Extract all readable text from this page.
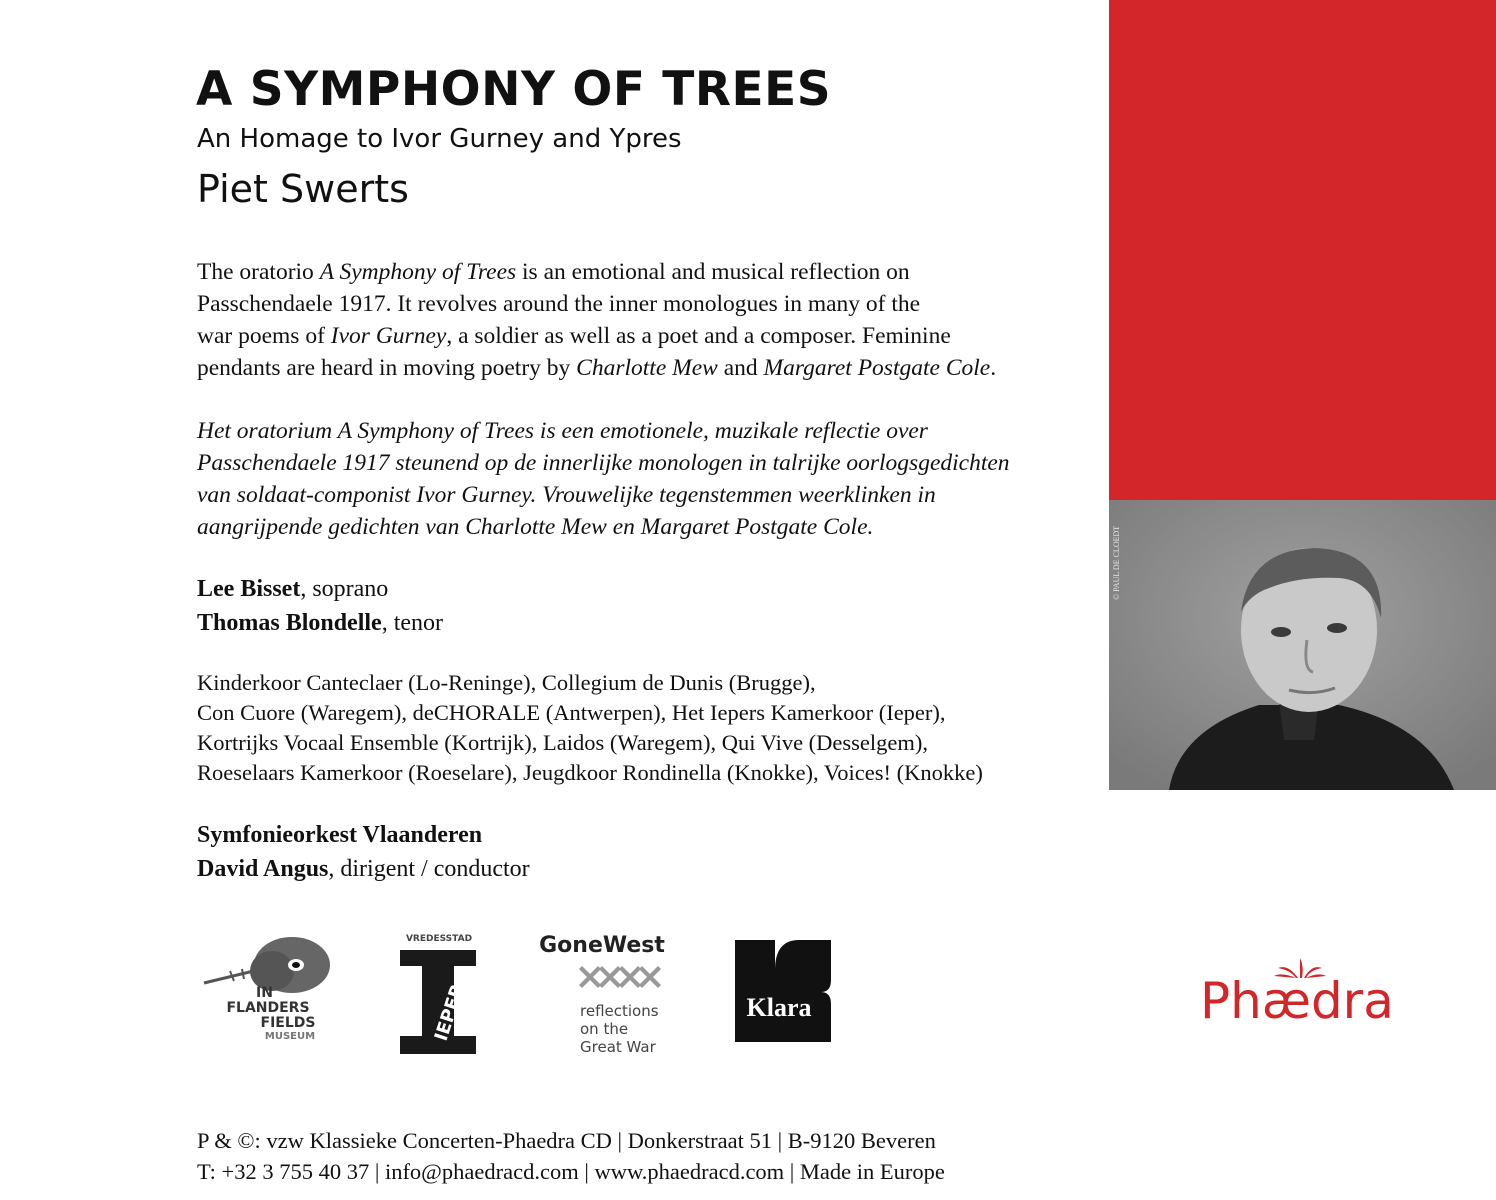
A SYMPHONY OF TREES
An Homage to Ivor Gurney and Ypres
Piet Swerts
The oratorio A Symphony of Trees is an emotional and musical reflection on
Passchendaele 1917. It revolves around the inner monologues in many of the
war poems of Ivor Gurney, a soldier as well as a poet and a composer. Feminine
pendants are heard in moving poetry by Charlotte Mew and Margaret Postgate Cole.
Het oratorium A Symphony of Trees is een emotionele, muzikale reflectie over
Passchendaele 1917 steunend op de innerlijke monologen in talrijke oorlogsgedichten
van soldaat-componist Ivor Gurney. Vrouwelijke tegenstemmen weerklinken in
aangrijpende gedichten van Charlotte Mew en Margaret Postgate Cole.
Lee Bisset, soprano
Thomas Blondelle, tenor
Kinderkoor Canteclaer (Lo-Reninge), Collegium de Dunis (Brugge),
Con Cuore (Waregem), deCHORALE (Antwerpen), Het Iepers Kamerkoor (Ieper),
Kortrijks Vocaal Ensemble (Kortrijk), Laidos (Waregem), Qui Vive (Desselgem),
Roeselaars Kamerkoor (Roeselare), Jeugdkoor Rondinella (Knokke), Voices! (Knokke)
Symfonieorkest Vlaanderen
David Angus, dirigent / conductor
IN
FLANDERS
FIELDS
MUSEUM
VREDESSTAD
IEPER
GoneWest
reflections
on the
Great War
Klara
© PAUL DE CLOEDT
Phædra
P & ©: vzw Klassieke Concerten-Phaedra CD | Donkerstraat 51 | B-9120 Beveren
T: +32 3 755 40 37 | info@phaedracd.com | www.phaedracd.com | Made in Europe
